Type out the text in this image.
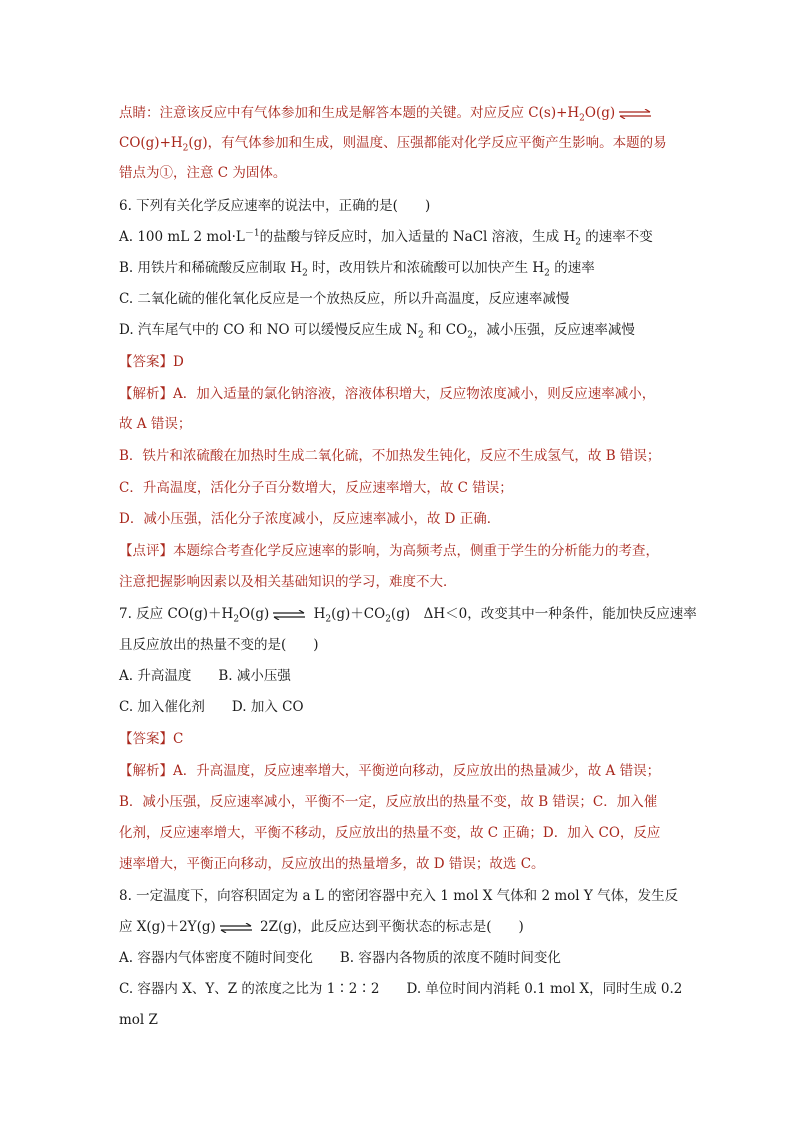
点睛：注意该反应中有气体参加和生成是解答本题的关键。对应反应 $C(s)+H_2O(g)$ ⇌
$CO(g)+H_2(g)$，有气体参加和生成，则温度、压强都能对化学反应平衡产生影响。本题的易
错点为①，注意 C 为固体。
6. 下列有关化学反应速率的说法中，正确的是(　　)
A. 100 mL 2 $mol\cdot L^{-1}$的盐酸与锌反应时，加入适量的 NaCl 溶液，生成 $H_2$ 的速率不变
B. 用铁片和稀硫酸反应制取 $H_2$ 时，改用铁片和浓硫酸可以加快产生 $H_2$ 的速率
C. 二氧化硫的催化氧化反应是一个放热反应，所以升高温度，反应速率减慢
D. 汽车尾气中的 CO 和 NO 可以缓慢反应生成 $N_2$ 和 $CO_2$，减小压强，反应速率减慢
【答案】D
【解析】A．加入适量的氯化钠溶液，溶液体积增大，反应物浓度减小，则反应速率减小，
故 A 错误；
B．铁片和浓硫酸在加热时生成二氧化硫，不加热发生钝化，反应不生成氢气，故 B 错误；
C．升高温度，活化分子百分数增大，反应速率增大，故 C 错误；
D．减小压强，活化分子浓度减小，反应速率减小，故 D 正确．
【点评】本题综合考查化学反应速率的影响，为高频考点，侧重于学生的分析能力的考查，
注意把握影响因素以及相关基础知识的学习，难度不大．
7. 反应 $CO(g)+H_2O(g)$ ⇌ $H_2(g)+CO_2(g)$　ΔH＜0，改变其中一种条件，能加快反应速率
且反应放出的热量不变的是(　　)
A. 升高温度　　B. 减小压强
C. 加入催化剂　　D. 加入 CO
【答案】C
【解析】A．升高温度，反应速率增大，平衡逆向移动，反应放出的热量减少，故 A 错误；
B．减小压强，反应速率减小，平衡不一定，反应放出的热量不变，故 B 错误；C．加入催
化剂，反应速率增大，平衡不移动，反应放出的热量不变，故 C 正确；D．加入 CO，反应
速率增大，平衡正向移动，反应放出的热量增多，故 D 错误；故选 C。
8. 一定温度下，向容积固定为 a L 的密闭容器中充入 1 mol X 气体和 2 mol Y 气体，发生反
应 X(g)＋2Y(g) ⇌ 2Z(g)，此反应达到平衡状态的标志是(　　)
A. 容器内气体密度不随时间变化　　B. 容器内各物质的浓度不随时间变化
C. 容器内 X、Y、Z 的浓度之比为 1∶2∶2　　D. 单位时间内消耗 0.1 mol X，同时生成 0.2
mol Z
